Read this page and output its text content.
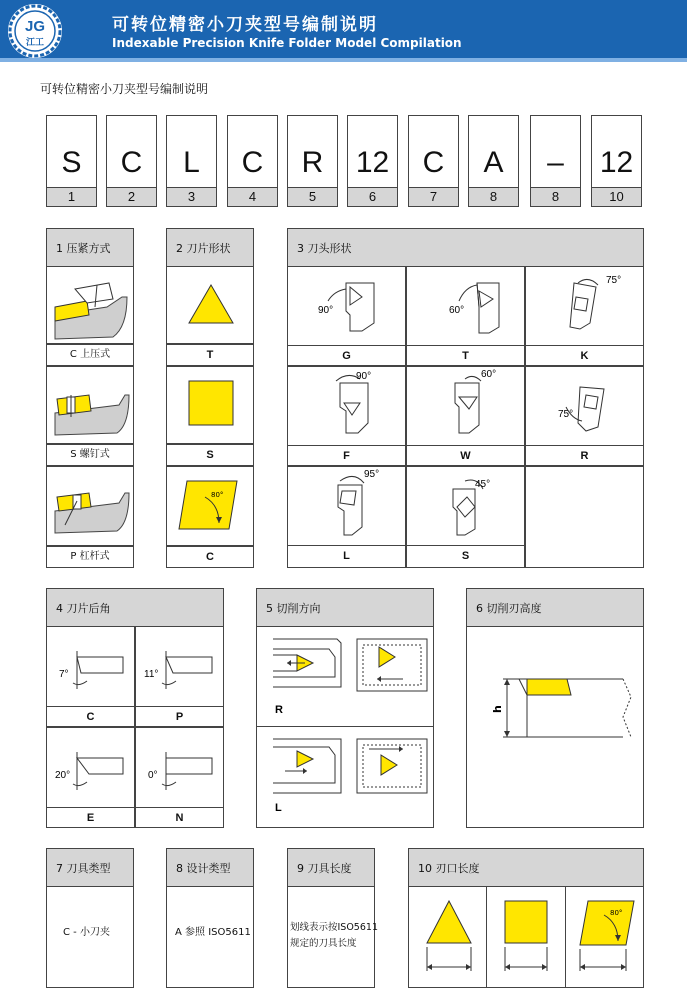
JG
江工
可转位精密小刀夹型号编制说明
Indexable Precision Knife Folder Model Compilation
可转位精密小刀夹型号编制说明
S
1
C
2
L
3
C
4
R
5
12
6
C
7
A
8
–
8
12
10
1 压紧方式
C 上压式
S 螺钉式
P 杠杆式
2 刀片形状
T
S
80°
C
3 刀头形状
90°
G
60°
T
75°
K
90°
F
60°
W
75°
R
95°
L
45°
S
4 刀片后角
7°
C
11°
P
20°
E
0°
N
5 切削方向
R
L
6 切削刃高度
h
7 刀具类型
C - 小刀夹
8 设计类型
A 参照 ISO5611
9 刀具长度
划线表示按ISO5611
规定的刀具长度
10 刃口长度
80°
